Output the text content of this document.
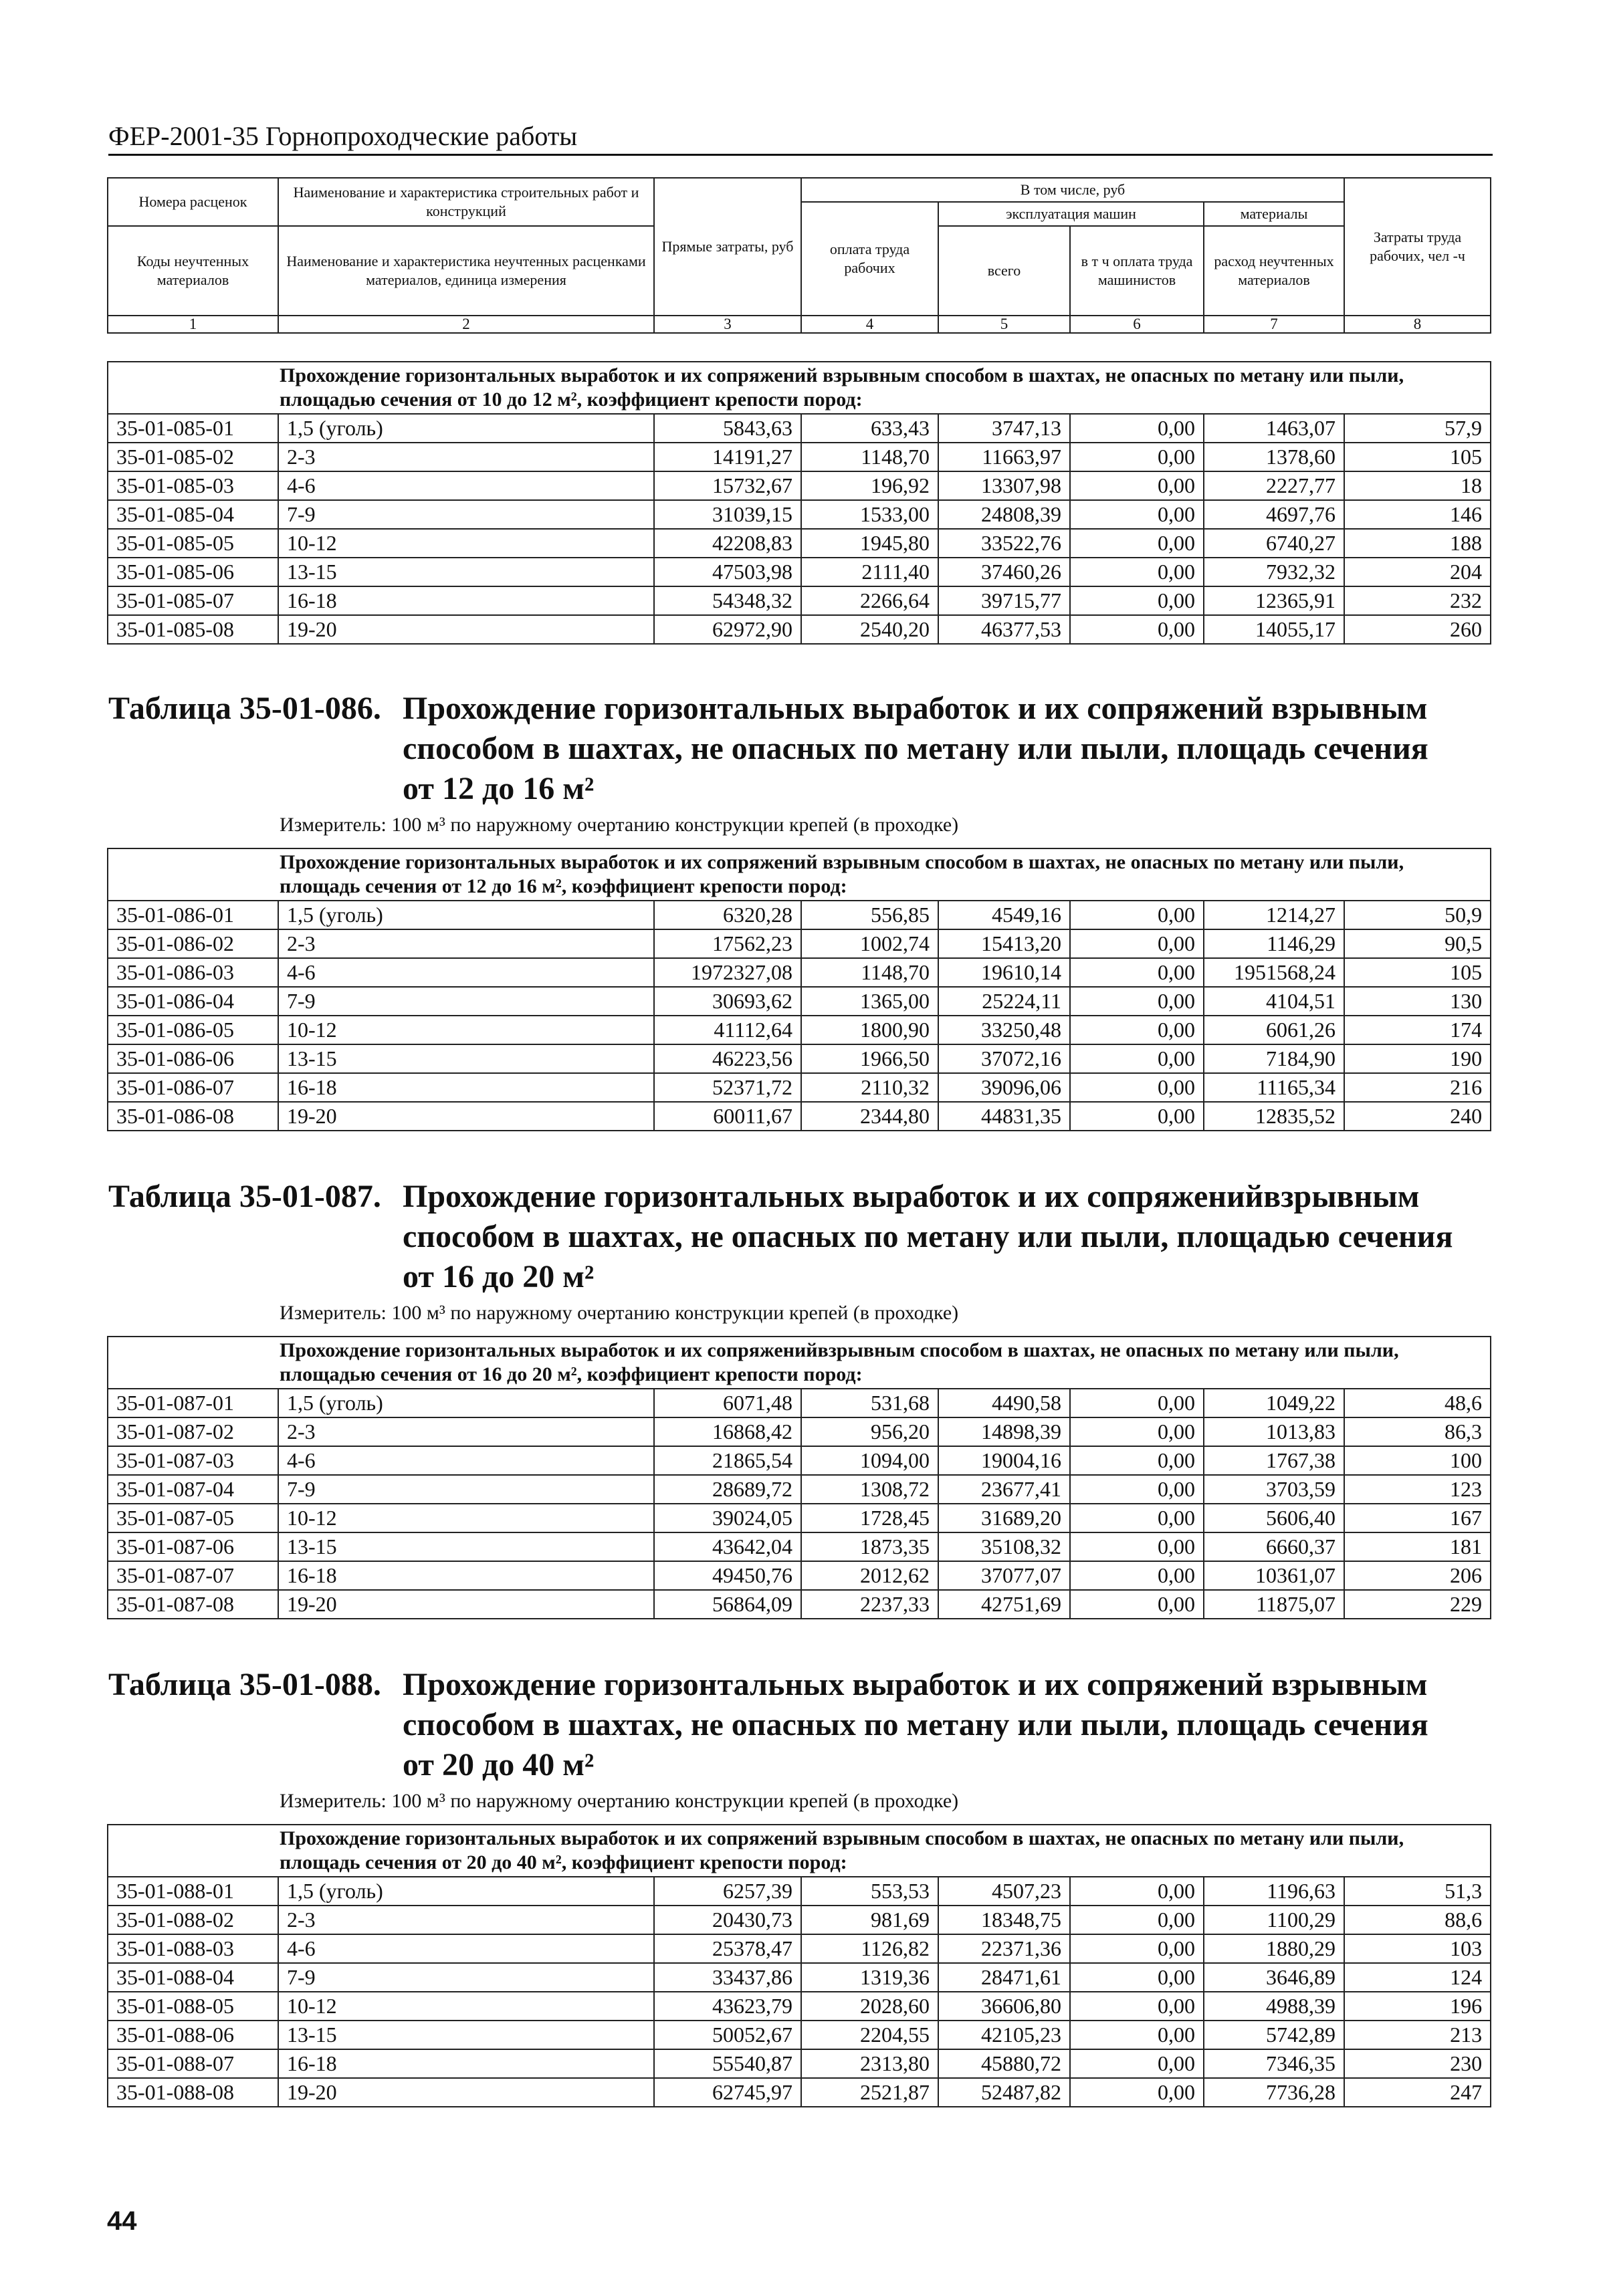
ФЕР-2001-35 Горнопроходческие работы
Номера расценок	Наименование и характеристика строительных работ и конструкций	Прямые затраты, руб	В том числе, руб				Затраты труда рабочих, чел -ч
			оплата труда рабочих	эксплуатация машин		материалы	
Коды неучтенных материалов	Наименование и характеристика неучтенных расценками материалов, единица измерения			всего	в т ч оплата труда машинистов	расход неучтенных материалов	

1	2	3	4	5	6	7	8
Прохождение горизонтальных выработок и их сопряжений взрывным способом в шахтах, не опасных по метану или пыли, площадью сечения от 10 до 12 м², коэффициент крепости пород:							
35-01-085-01	1,5 (уголь)	5843,63	633,43	3747,13	0,00	1463,07	57,9
35-01-085-02	2-3	14191,27	1148,70	11663,97	0,00	1378,60	105
35-01-085-03	4-6	15732,67	196,92	13307,98	0,00	2227,77	18
35-01-085-04	7-9	31039,15	1533,00	24808,39	0,00	4697,76	146
35-01-085-05	10-12	42208,83	1945,80	33522,76	0,00	6740,27	188
35-01-085-06	13-15	47503,98	2111,40	37460,26	0,00	7932,32	204
35-01-085-07	16-18	54348,32	2266,64	39715,77	0,00	12365,91	232
35-01-085-08	19-20	62972,90	2540,20	46377,53	0,00	14055,17	260
Таблица 35-01-086. Прохождение горизонтальных выработок и их сопряжений взрывным
способом в шахтах, не опасных по метану или пыли, площадь сечения
от 12 до 16 м²
Измеритель: 100 м³ по наружному очертанию конструкции крепей (в проходке)
Прохождение горизонтальных выработок и их сопряжений взрывным способом в шахтах, не опасных по метану или пыли, площадь сечения от 12 до 16 м², коэффициент крепости пород:							
35-01-086-01	1,5 (уголь)	6320,28	556,85	4549,16	0,00	1214,27	50,9
35-01-086-02	2-3	17562,23	1002,74	15413,20	0,00	1146,29	90,5
35-01-086-03	4-6	1972327,08	1148,70	19610,14	0,00	1951568,24	105
35-01-086-04	7-9	30693,62	1365,00	25224,11	0,00	4104,51	130
35-01-086-05	10-12	41112,64	1800,90	33250,48	0,00	6061,26	174
35-01-086-06	13-15	46223,56	1966,50	37072,16	0,00	7184,90	190
35-01-086-07	16-18	52371,72	2110,32	39096,06	0,00	11165,34	216
35-01-086-08	19-20	60011,67	2344,80	44831,35	0,00	12835,52	240
Таблица 35-01-087. Прохождение горизонтальных выработок и их сопряженийвзрывным
способом в шахтах, не опасных по метану или пыли, площадью сечения
от 16 до 20 м²
Измеритель: 100 м³ по наружному очертанию конструкции крепей (в проходке)
Прохождение горизонтальных выработок и их сопряженийвзрывным способом в шахтах, не опасных по метану или пыли, площадью сечения от 16 до 20 м², коэффициент крепости пород:							
35-01-087-01	1,5 (уголь)	6071,48	531,68	4490,58	0,00	1049,22	48,6
35-01-087-02	2-3	16868,42	956,20	14898,39	0,00	1013,83	86,3
35-01-087-03	4-6	21865,54	1094,00	19004,16	0,00	1767,38	100
35-01-087-04	7-9	28689,72	1308,72	23677,41	0,00	3703,59	123
35-01-087-05	10-12	39024,05	1728,45	31689,20	0,00	5606,40	167
35-01-087-06	13-15	43642,04	1873,35	35108,32	0,00	6660,37	181
35-01-087-07	16-18	49450,76	2012,62	37077,07	0,00	10361,07	206
35-01-087-08	19-20	56864,09	2237,33	42751,69	0,00	11875,07	229
Таблица 35-01-088. Прохождение горизонтальных выработок и их сопряжений взрывным
способом в шахтах, не опасных по метану или пыли, площадь сечения
от 20 до 40 м²
Измеритель: 100 м³ по наружному очертанию конструкции крепей (в проходке)
Прохождение горизонтальных выработок и их сопряжений взрывным способом в шахтах, не опасных по метану или пыли, площадь сечения от 20 до 40 м², коэффициент крепости пород:							
35-01-088-01	1,5 (уголь)	6257,39	553,53	4507,23	0,00	1196,63	51,3
35-01-088-02	2-3	20430,73	981,69	18348,75	0,00	1100,29	88,6
35-01-088-03	4-6	25378,47	1126,82	22371,36	0,00	1880,29	103
35-01-088-04	7-9	33437,86	1319,36	28471,61	0,00	3646,89	124
35-01-088-05	10-12	43623,79	2028,60	36606,80	0,00	4988,39	196
35-01-088-06	13-15	50052,67	2204,55	42105,23	0,00	5742,89	213
35-01-088-07	16-18	55540,87	2313,80	45880,72	0,00	7346,35	230
35-01-088-08	19-20	62745,97	2521,87	52487,82	0,00	7736,28	247
44
